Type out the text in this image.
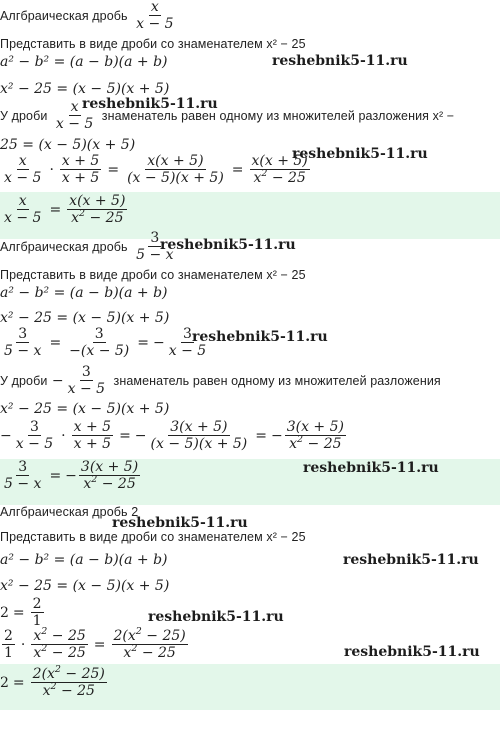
Алгбраическая дробь $\frac{x}{x - 5}$
Представить в виде дроби со знаменателем x² − 25
a² − b² = (a − b)(a + b)
x² − 25 = (x − 5)(x + 5)
У дроби $\frac{x}{x - 5}$ знаменатель равен одному из множителей разложения x² −
25 = (x − 5)(x + 5)
$\frac{x}{x - 5} \cdot \frac{x + 5}{x + 5} = \frac{x(x + 5)}{(x - 5)(x + 5)} = \frac{x(x + 5)}{x^2 - 25}$
$\frac{x}{x - 5} = \frac{x(x + 5)}{x^2 - 25}$
Алгбраическая дробь $\frac{3}{5 - x}$
Представить в виде дроби со знаменателем x² − 25
a² − b² = (a − b)(a + b)
x² − 25 = (x − 5)(x + 5)
$\frac{3}{5 - x} = \frac{3}{-(x - 5)}$ = − $\frac{3}{x - 5}$
У дроби − $\frac{3}{x - 5}$ знаменатель равен одному из множителей разложения
x² − 25 = (x − 5)(x + 5)
− $\frac{3}{x - 5} \cdot \frac{x + 5}{x + 5}$ = − $\frac{3(x + 5)}{(x - 5)(x + 5)}$ = − $\frac{3(x + 5)}{x^2 - 25}$
$\frac{3}{5 - x}$ = − $\frac{3(x + 5)}{x^2 - 25}$
Алгбраическая дробь 2
Представить в виде дроби со знаменателем x² − 25
a² − b² = (a − b)(a + b)
x² − 25 = (x − 5)(x + 5)
$2 = \frac{2}{1}$
$\frac{2}{1} \cdot \frac{x^2 - 25}{x^2 - 25} = \frac{2(x^2 - 25)}{x^2 - 25}$
$2 = \frac{2(x^2 - 25)}{x^2 - 25}$
reshebnik5-11.ru
reshebnik5-11.ru
reshebnik5-11.ru
reshebnik5-11.ru
reshebnik5-11.ru
reshebnik5-11.ru
reshebnik5-11.ru
reshebnik5-11.ru
reshebnik5-11.ru
reshebnik5-11.ru
